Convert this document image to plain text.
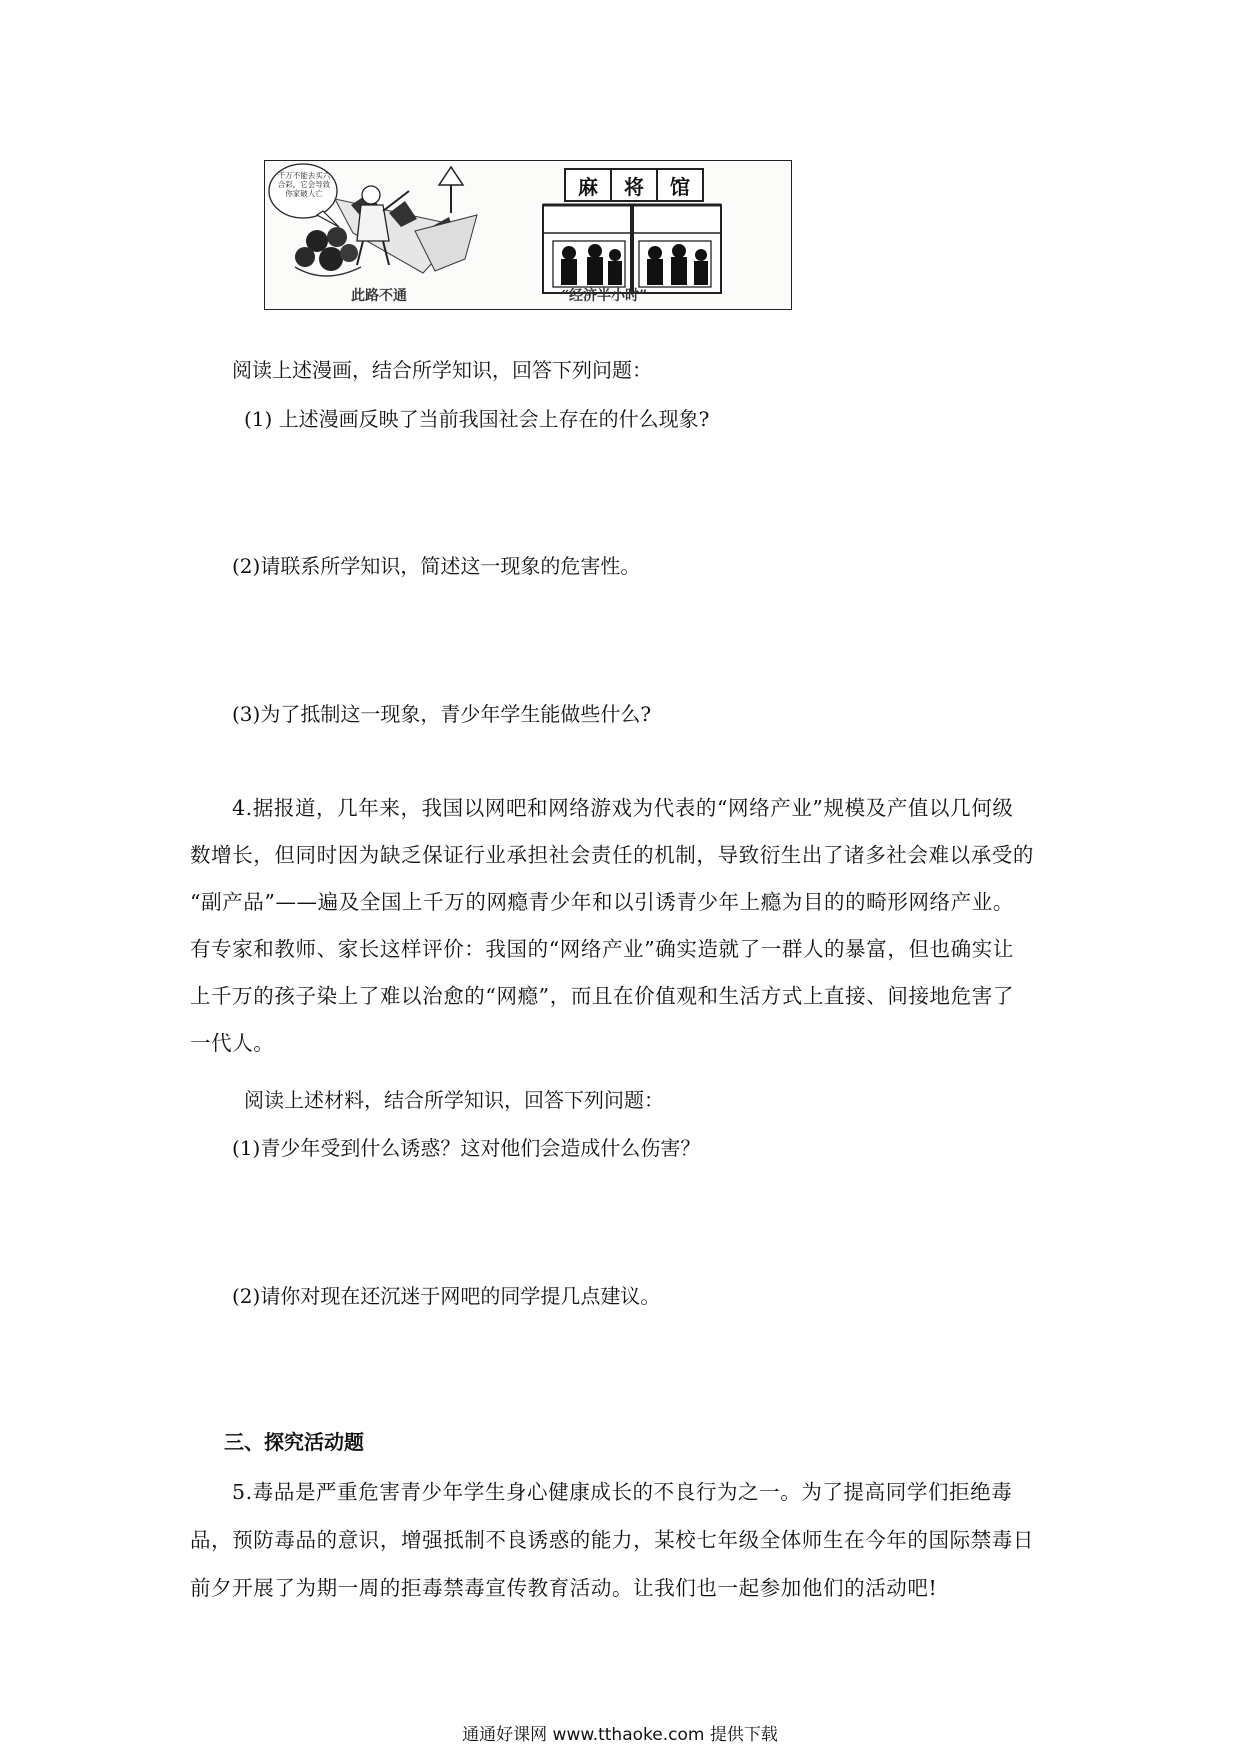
千万不能去买六合彩，它会导致你家破人亡	麻	将	馆
此路不通	“经济半小时”
阅读上述漫画，结合所学知识，回答下列问题：
(1) 上述漫画反映了当前我国社会上存在的什么现象?
(2)请联系所学知识，简述这一现象的危害性。
(3)为了抵制这一现象，青少年学生能做些什么?
4.据报道，几年来，我国以网吧和网络游戏为代表的“网络产业”规模及产值以几何级
数增长，但同时因为缺乏保证行业承担社会责任的机制，导致衍生出了诸多社会难以承受的
“副产品”——遍及全国上千万的网瘾青少年和以引诱青少年上瘾为目的的畸形网络产业。
有专家和教师、家长这样评价：我国的“网络产业”确实造就了一群人的暴富，但也确实让
上千万的孩子染上了难以治愈的“网瘾”，而且在价值观和生活方式上直接、间接地危害了
一代人。
阅读上述材料，结合所学知识，回答下列问题：
(1)青少年受到什么诱惑？这对他们会造成什么伤害？
(2)请你对现在还沉迷于网吧的同学提几点建议。
三、探究活动题
5.毒品是严重危害青少年学生身心健康成长的不良行为之一。为了提高同学们拒绝毒
品，预防毒品的意识，增强抵制不良诱惑的能力，某校七年级全体师生在今年的国际禁毒日
前夕开展了为期一周的拒毒禁毒宣传教育活动。让我们也一起参加他们的活动吧!
通通好课网 www.tthaoke.com 提供下载
